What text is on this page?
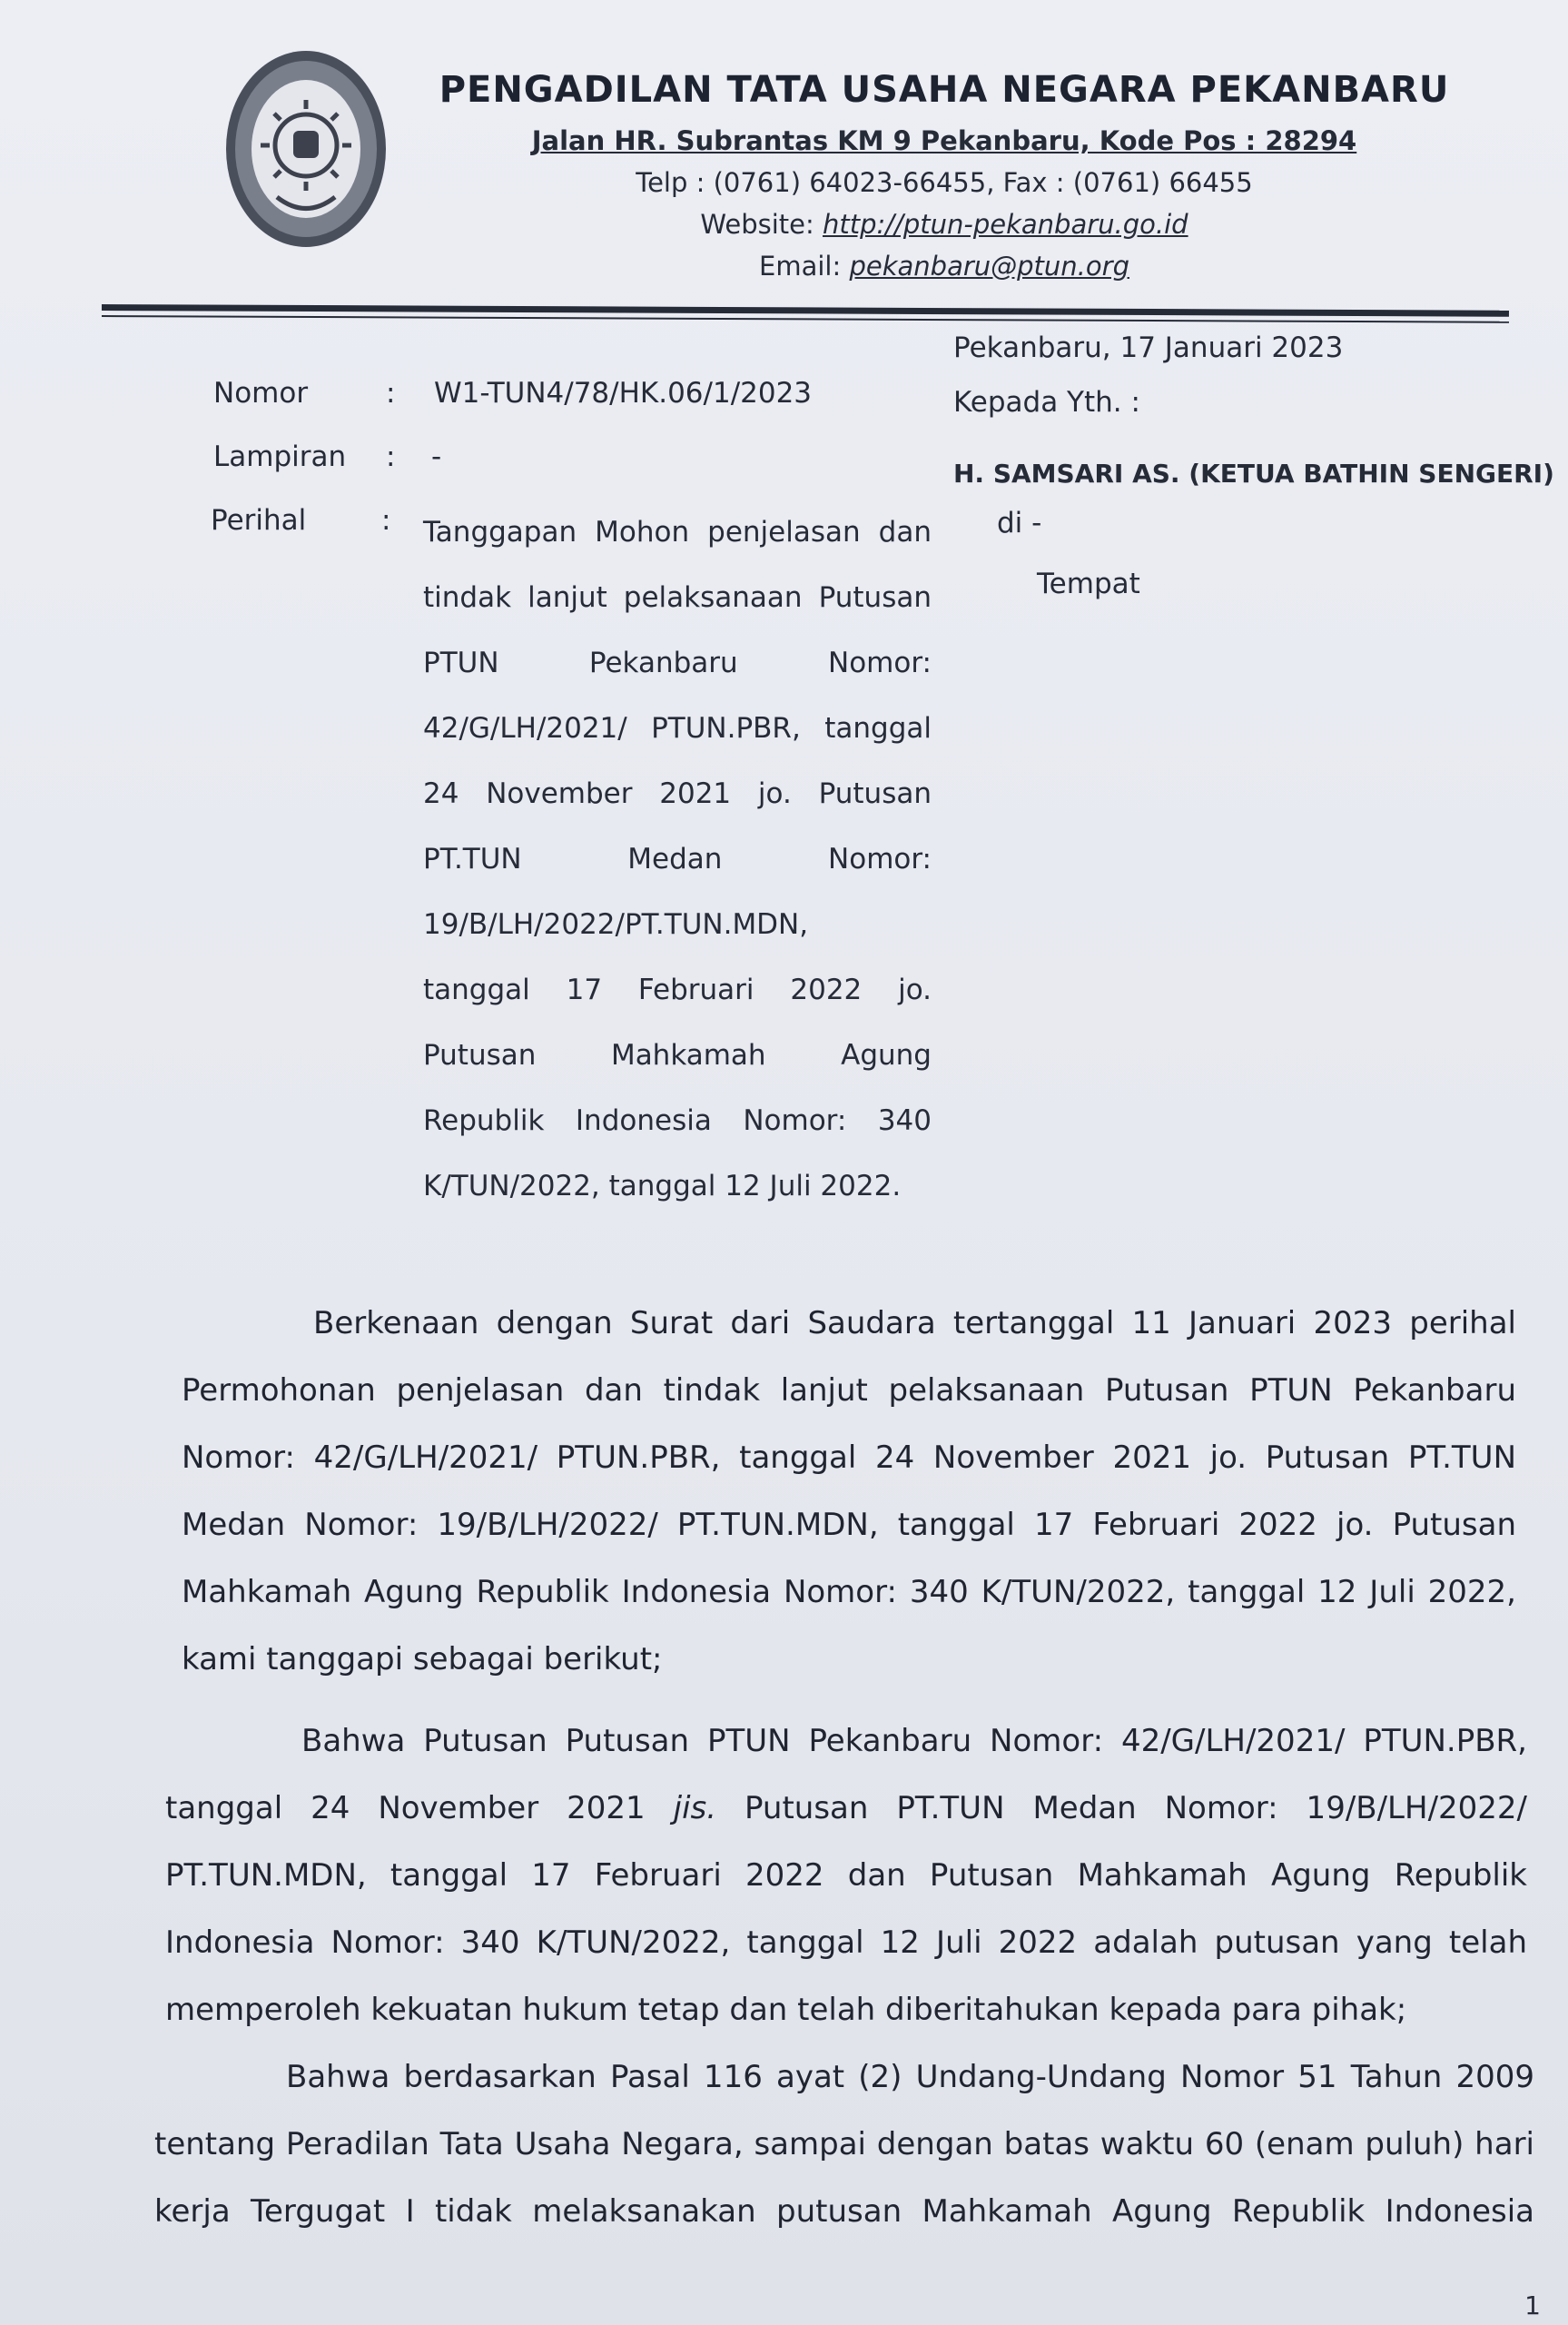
PENGADILAN TATA USAHA NEGARA PEKANBARU
Jalan HR. Subrantas KM 9 Pekanbaru, Kode Pos : 28294
Telp : (0761) 64023-66455, Fax : (0761) 66455
Website: http://ptun-pekanbaru.go.id
Email: pekanbaru@ptun.org
Pekanbaru, 17 Januari 2023
Nomor	: W1-TUN4/78/HK.06/1/2023
Lampiran : -
Perihal	: Tanggapan Mohon penjelasan dan
tindak lanjut pelaksanaan Putusan
PTUN Pekanbaru Nomor:
42/G/LH/2021/ PTUN.PBR, tanggal
24 November 2021 jo. Putusan
PT.TUN Medan Nomor:
19/B/LH/2022/PT.TUN.MDN,
tanggal 17 Februari 2022 jo.
Putusan Mahkamah Agung
Republik Indonesia Nomor: 340
K/TUN/2022, tanggal 12 Juli 2022.
Kepada Yth. :
H. SAMSARI AS. (KETUA BATHIN SENGERI)
di -
Tempat
Berkenaan dengan Surat dari Saudara tertanggal 11 Januari 2023 perihal
Permohonan penjelasan dan tindak lanjut pelaksanaan Putusan PTUN Pekanbaru
Nomor: 42/G/LH/2021/ PTUN.PBR, tanggal 24 November 2021 jo. Putusan PT.TUN
Medan Nomor: 19/B/LH/2022/ PT.TUN.MDN, tanggal 17 Februari 2022 jo. Putusan
Mahkamah Agung Republik Indonesia Nomor: 340 K/TUN/2022, tanggal 12 Juli 2022,
kami tanggapi sebagai berikut;
Bahwa Putusan Putusan PTUN Pekanbaru Nomor: 42/G/LH/2021/ PTUN.PBR,
tanggal 24 November 2021 jis. Putusan PT.TUN Medan Nomor: 19/B/LH/2022/
PT.TUN.MDN, tanggal 17 Februari 2022 dan Putusan Mahkamah Agung Republik
Indonesia Nomor: 340 K/TUN/2022, tanggal 12 Juli 2022 adalah putusan yang telah
memperoleh kekuatan hukum tetap dan telah diberitahukan kepada para pihak;
Bahwa berdasarkan Pasal 116 ayat (2) Undang-Undang Nomor 51 Tahun 2009
tentang Peradilan Tata Usaha Negara, sampai dengan batas waktu 60 (enam puluh) hari
kerja Tergugat I tidak melaksanakan putusan Mahkamah Agung Republik Indonesia
1
